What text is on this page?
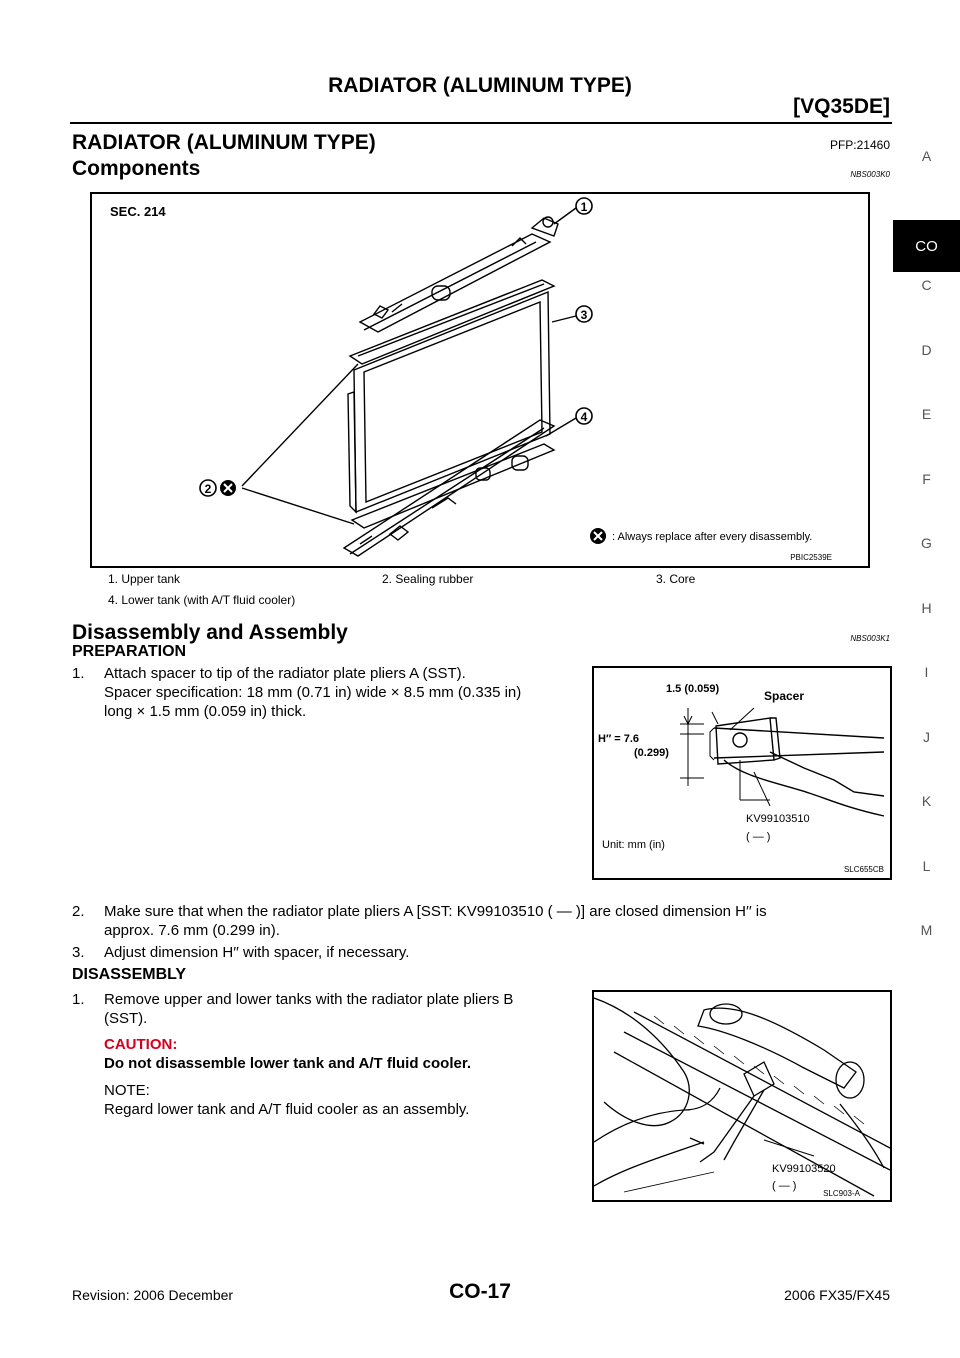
RADIATOR (ALUMINUM TYPE)
[VQ35DE]
A
CO
C
D
E
F
G
H
I
J
K
L
M
RADIATOR (ALUMINUM TYPE)	PFP:21460
Components	NBS003K0
1
3
4
2
SEC. 214
: Always replace after every disassembly.
PBIC2539E
1. Upper tank	2. Sealing rubber	3. Core
4. Lower tank (with A/T fluid cooler)
Disassembly and Assembly	NBS003K1
PREPARATION
1. Attach spacer to tip of the radiator plate pliers A (SST).
Spacer specification: 18 mm (0.71 in) wide × 8.5 mm (0.335 in)
long × 1.5 mm (0.059 in) thick.
1.5 (0.059)	Spacer
H″ = 7.6
(0.299)
KV99103510
( — )
Unit: mm (in)
SLC655CB
2. Make sure that when the radiator plate pliers A [SST: KV99103510 ( — )] are closed dimension H′′ is
approx. 7.6 mm (0.299 in).
3. Adjust dimension H′′ with spacer, if necessary.
DISASSEMBLY
1. Remove upper and lower tanks with the radiator plate pliers B
(SST).
CAUTION:
Do not disassemble lower tank and A/T fluid cooler.
NOTE:
Regard lower tank and A/T fluid cooler as an assembly.
KV99103520
( — )
SLC903-A
CO-17
Revision: 2006 December	2006 FX35/FX45
